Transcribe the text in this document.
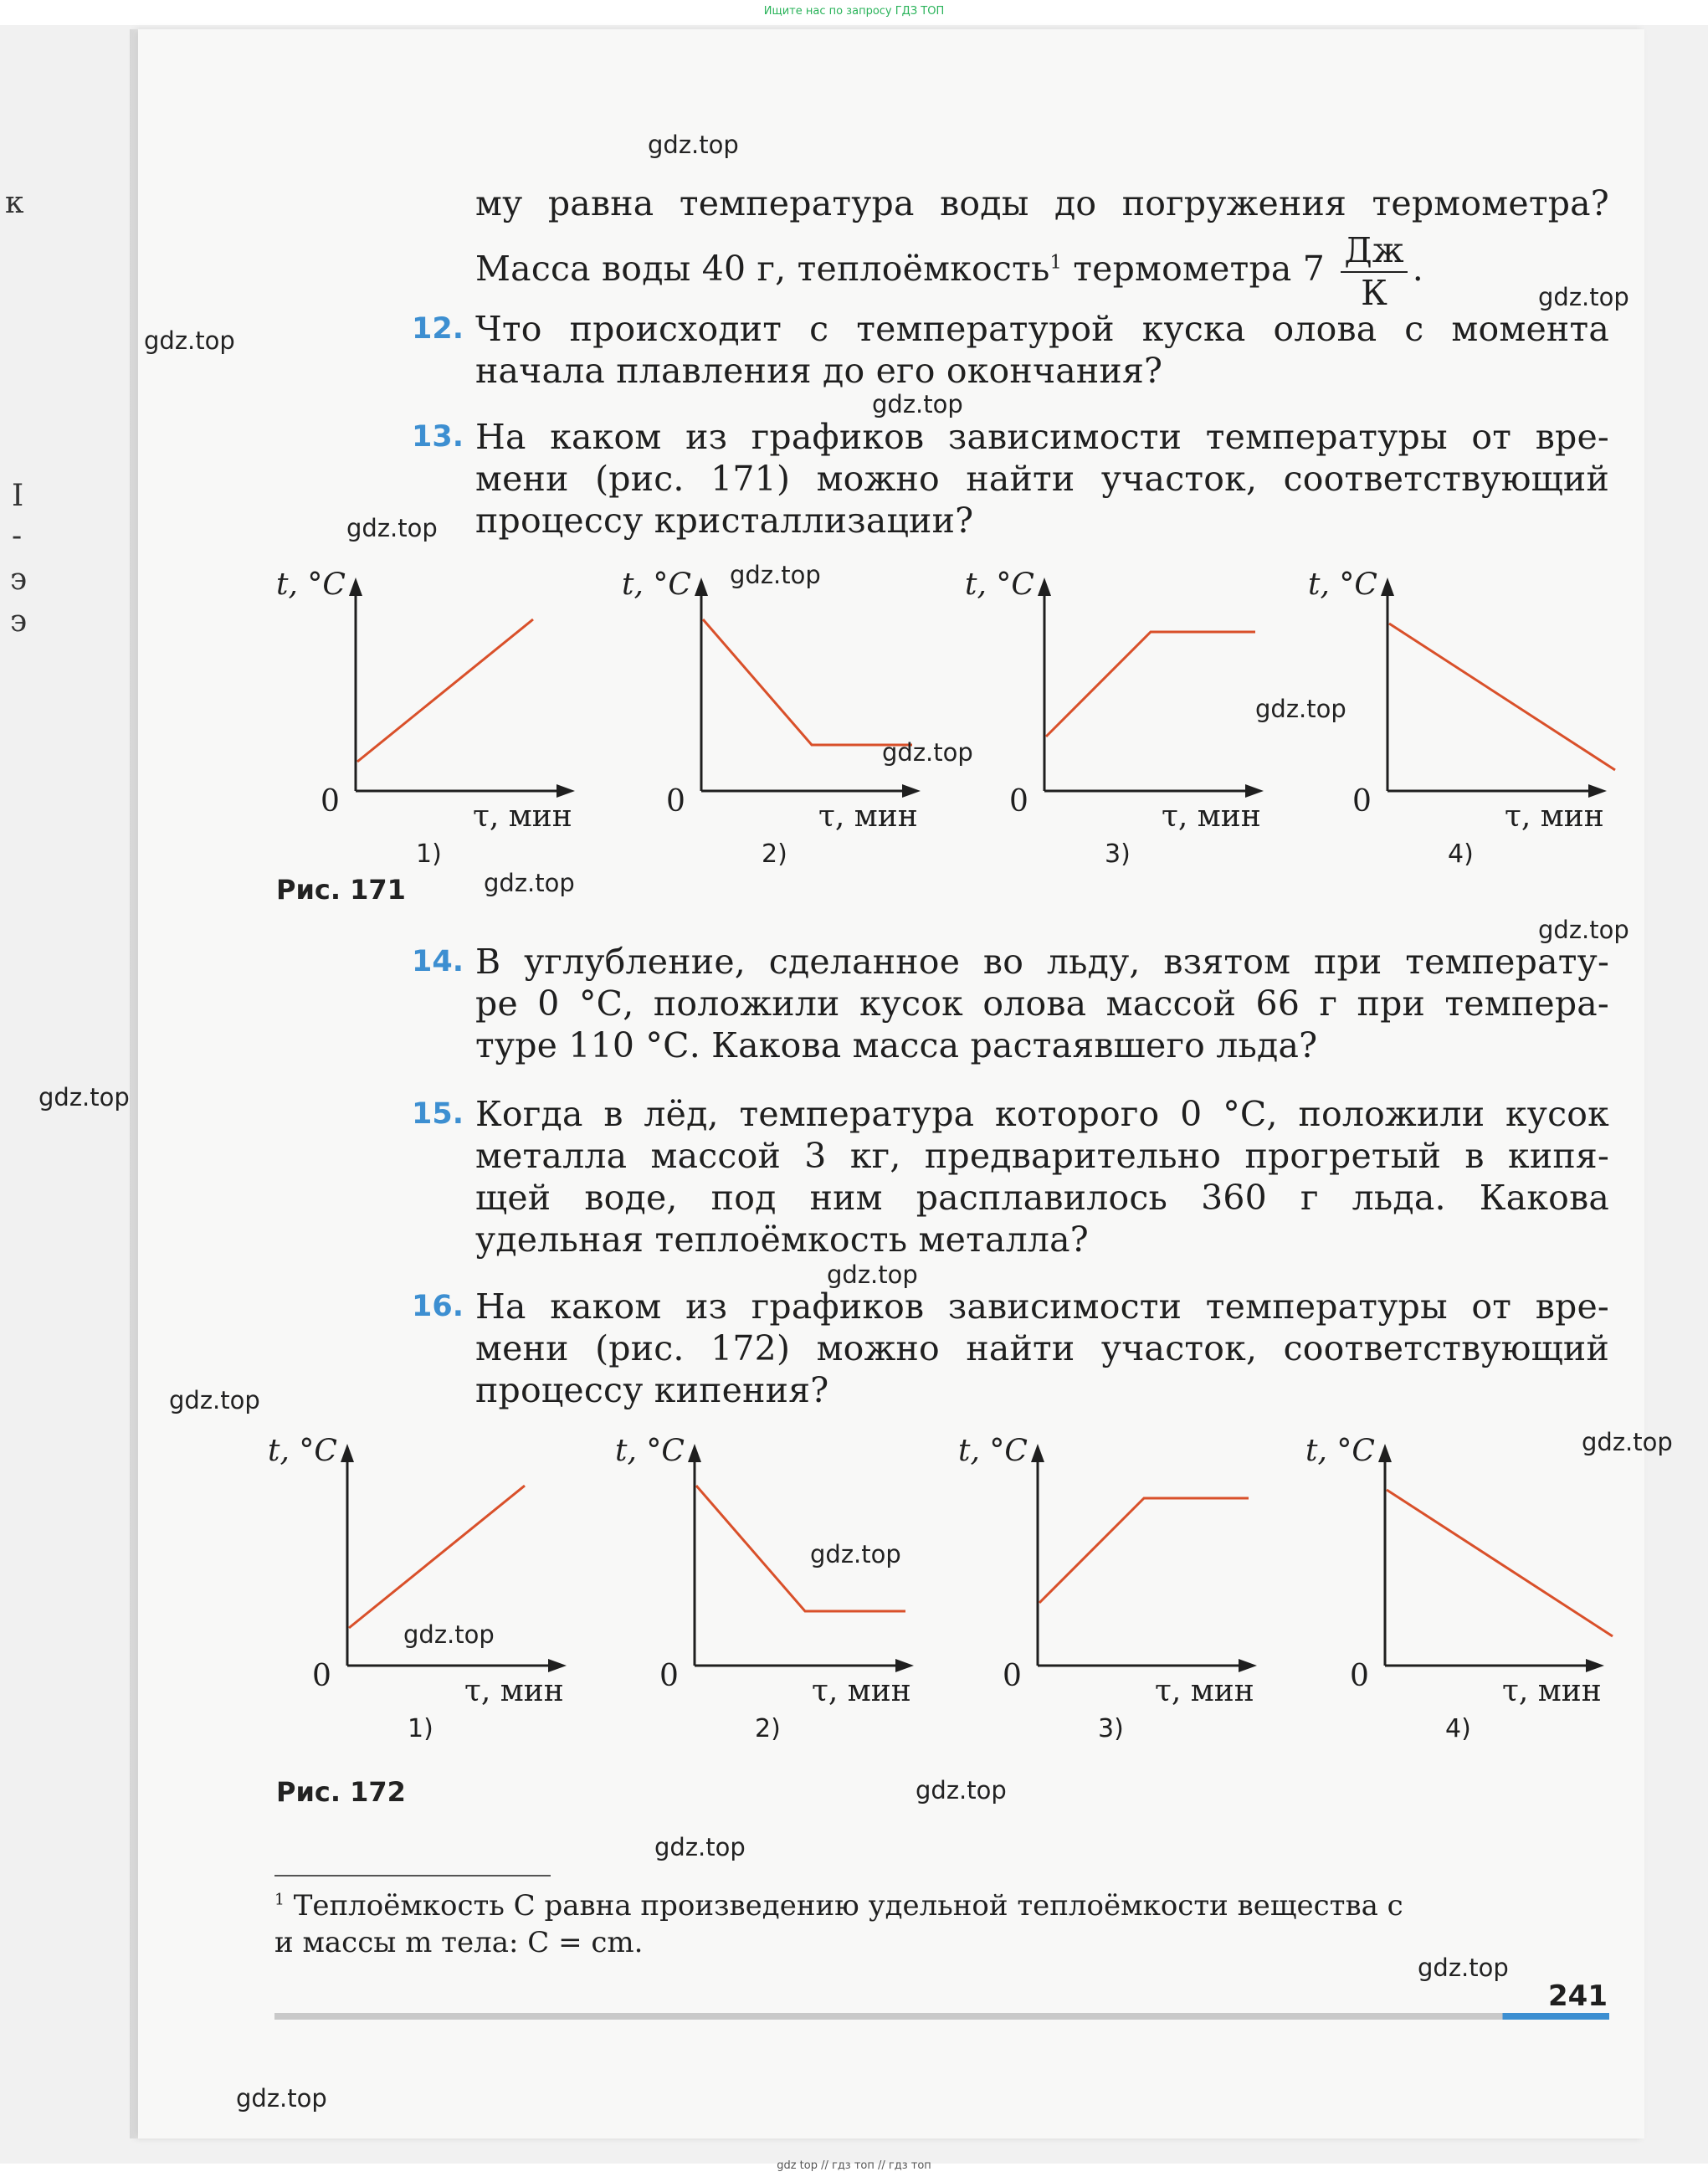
Ищите нас по запросу ГДЗ ТОП
gdz top // гдз топ // гдз топ
к
I
-
э
э
му равна температура воды до погружения термометра?
Масса воды 40 г, теплоёмкость$^1$ термометра $7 \frac{Дж}{К}$ .
12. Что происходит с температурой куска олова с момента
начала плавления до его окончания?
13. На каком из графиков зависимости температуры от вре-
мени (рис. 171) можно найти участок, соответствующий
процессу кристаллизации?
t, °С
0	τ, мин
1)
t, °С
0	τ, мин
2)
t, °С
0	τ, мин
3)
t, °С
0	τ, мин
4)
Рис. 171
14. В углубление, сделанное во льду, взятом при температу-
ре 0 °С, положили кусок олова массой 66 г при темпера-
туре 110 °С. Какова масса растаявшего льда?
15. Когда в лёд, температура которого 0 °С, положили кусок
металла массой 3 кг, предварительно прогретый в кипя-
щей воде, под ним расплавилось 360 г льда. Какова
удельная теплоёмкость металла?
16. На каком из графиков зависимости температуры от вре-
мени (рис. 172) можно найти участок, соответствующий
процессу кипения?
t, °С
0	τ, мин
1)
t, °С
0	τ, мин
2)
t, °С
0	τ, мин
3)
t, °С
0	τ, мин
4)
Рис. 172
$^1$ Теплоёмкость C равна произведению удельной теплоёмкости вещества c
и массы m тела: C = cm.
241
gdz.top
gdz.top
gdz.top
gdz.top
gdz.top
gdz.top
gdz.top
gdz.top
gdz.top
gdz.top
gdz.top
gdz.top
gdz.top
gdz.top
gdz.top
gdz.top
gdz.top
gdz.top
gdz.top
gdz.top
